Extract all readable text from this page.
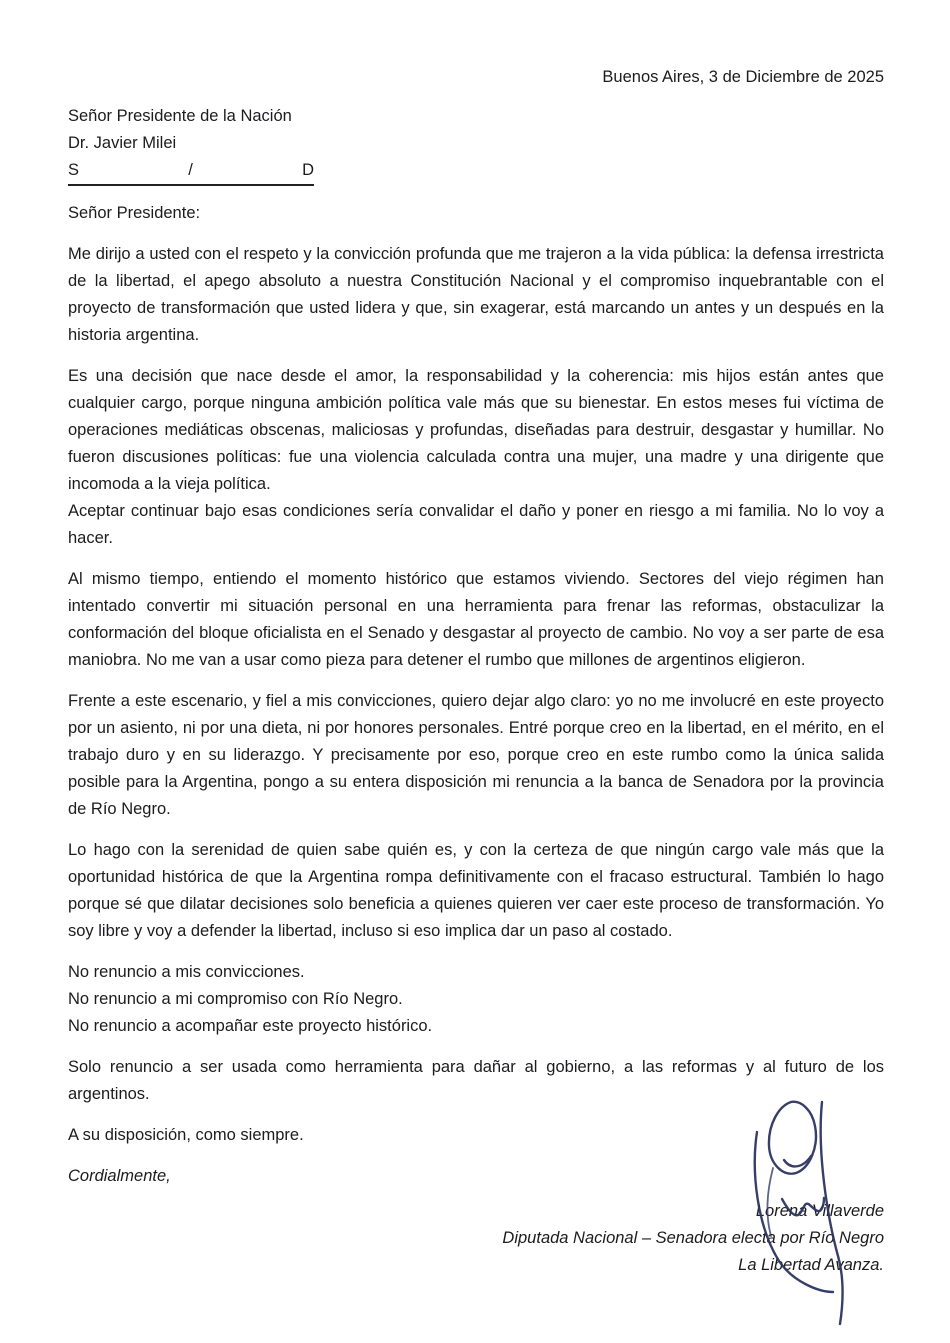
Buenos Aires, 3 de Diciembre de 2025
Señor Presidente de la Nación
Dr. Javier Milei
S	/	D
Señor Presidente:
Me dirijo a usted con el respeto y la convicción profunda que me trajeron a la vida pública: la defensa irrestricta de la libertad, el apego absoluto a nuestra Constitución Nacional y el compromiso inquebrantable con el proyecto de transformación que usted lidera y que, sin exagerar, está marcando un antes y un después en la historia argentina.
Es una decisión que nace desde el amor, la responsabilidad y la coherencia: mis hijos están antes que cualquier cargo, porque ninguna ambición política vale más que su bienestar. En estos meses fui víctima de operaciones mediáticas obscenas, maliciosas y profundas, diseñadas para destruir, desgastar y humillar. No fueron discusiones políticas: fue una violencia calculada contra una mujer, una madre y una dirigente que incomoda a la vieja política.
Aceptar continuar bajo esas condiciones sería convalidar el daño y poner en riesgo a mi familia. No lo voy a hacer.
Al mismo tiempo, entiendo el momento histórico que estamos viviendo. Sectores del viejo régimen han intentado convertir mi situación personal en una herramienta para frenar las reformas, obstaculizar la conformación del bloque oficialista en el Senado y desgastar al proyecto de cambio. No voy a ser parte de esa maniobra. No me van a usar como pieza para detener el rumbo que millones de argentinos eligieron.
Frente a este escenario, y fiel a mis convicciones, quiero dejar algo claro: yo no me involucré en este proyecto por un asiento, ni por una dieta, ni por honores personales. Entré porque creo en la libertad, en el mérito, en el trabajo duro y en su liderazgo. Y precisamente por eso, porque creo en este rumbo como la única salida posible para la Argentina, pongo a su entera disposición mi renuncia a la banca de Senadora por la provincia de Río Negro.
Lo hago con la serenidad de quien sabe quién es, y con la certeza de que ningún cargo vale más que la oportunidad histórica de que la Argentina rompa definitivamente con el fracaso estructural. También lo hago porque sé que dilatar decisiones solo beneficia a quienes quieren ver caer este proceso de transformación. Yo soy libre y voy a defender la libertad, incluso si eso implica dar un paso al costado.
No renuncio a mis convicciones.
No renuncio a mi compromiso con Río Negro.
No renuncio a acompañar este proyecto histórico.
Solo renuncio a ser usada como herramienta para dañar al gobierno, a las reformas y al futuro de los argentinos.
A su disposición, como siempre.
Cordialmente,
Lorena Villaverde
Diputada Nacional – Senadora electa por Río Negro
La Libertad Avanza.
